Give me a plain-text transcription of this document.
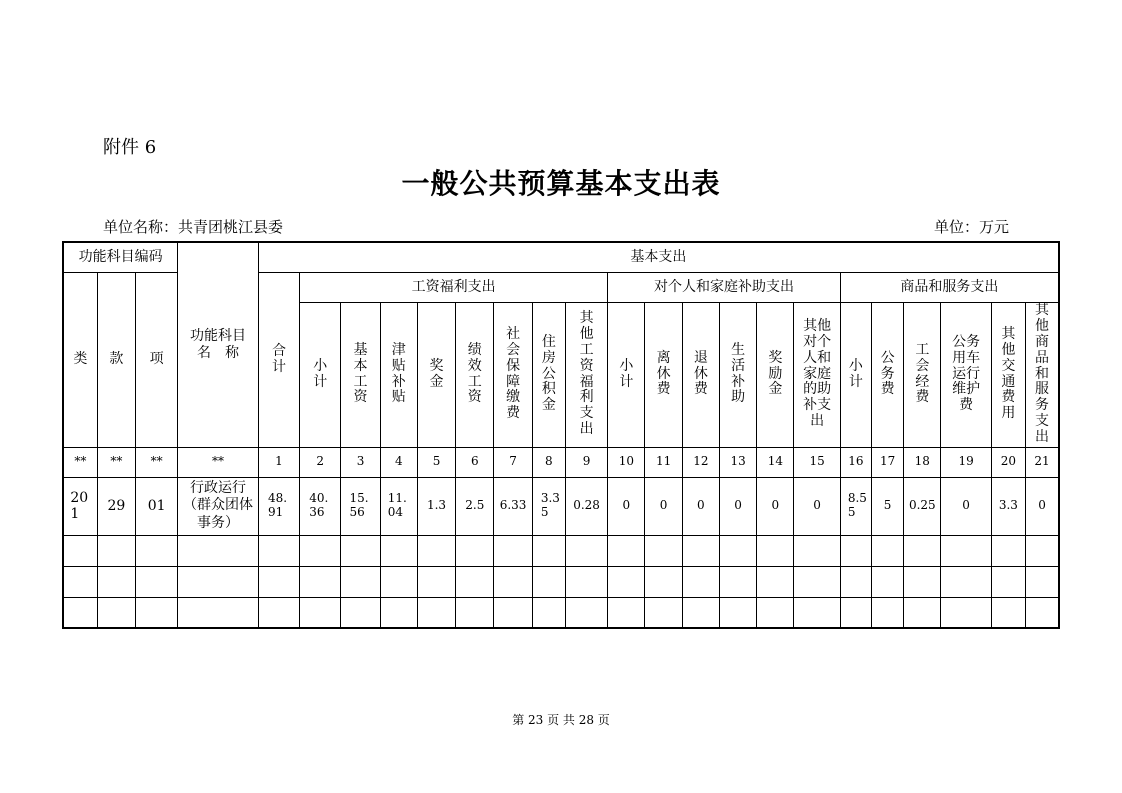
附件 6
一般公共预算基本支出表
单位名称：共青团桃江县委	单位：万元
功能科目编码			功能科目名　称	基本支出																				
类	款	项		合计	工资福利支出								对个人和家庭补助支出						商品和服务支出					
					小计	基本工资	津贴补贴	奖金	绩效工资	社会保障缴费	住房公积金	其他工资福利支出	小计	离休费	退休费	生活补助	奖励金	其他对个人和家庭的助补支出	小计	公务费	工会经费	公务用车运行维护费	其他交通费用	其他商品和服务支出
**	**	**	**	1	2	3	4	5	6	7	8	9	10	11	12	13	14	15	16	17	18	19	20	21
201	29	01	行政运行（群众团体事务）	48.91	40.36	15.56	11.04	1.3	2.5	6.33	3.35	0.28	0	0	0	0	0	0	8.55	5	0.25	0	3.3	0

第 23 页 共 28 页
